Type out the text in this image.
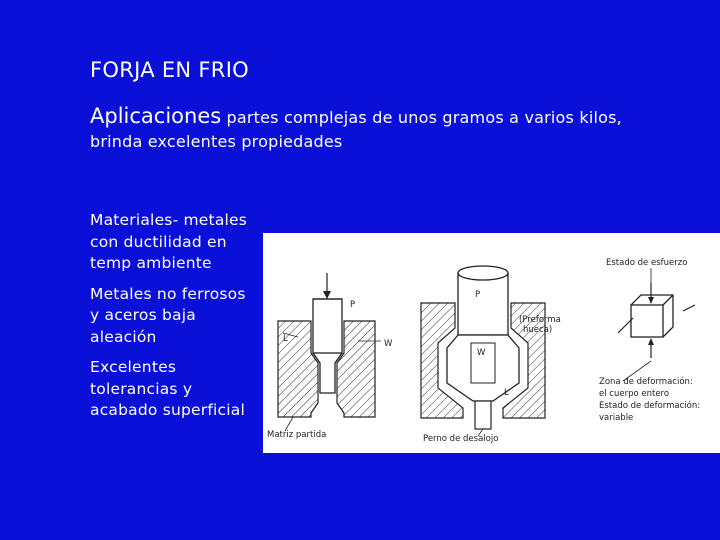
FORJA EN FRIO
Aplicaciones partes complejas de unos gramos a varios kilos, brinda excelentes propiedades
Materiales- metales con ductilidad en temp ambiente
Metales no ferrosos y aceros baja aleación
Excelentes tolerancias y acabado superficial
P
L	W
Matriz partida
P
W
L
(Preforma
hueca)
Perno de desalojo
Estado de esfuerzo
Zona de deformación:
el cuerpo entero
Estado de deformación:
variable
